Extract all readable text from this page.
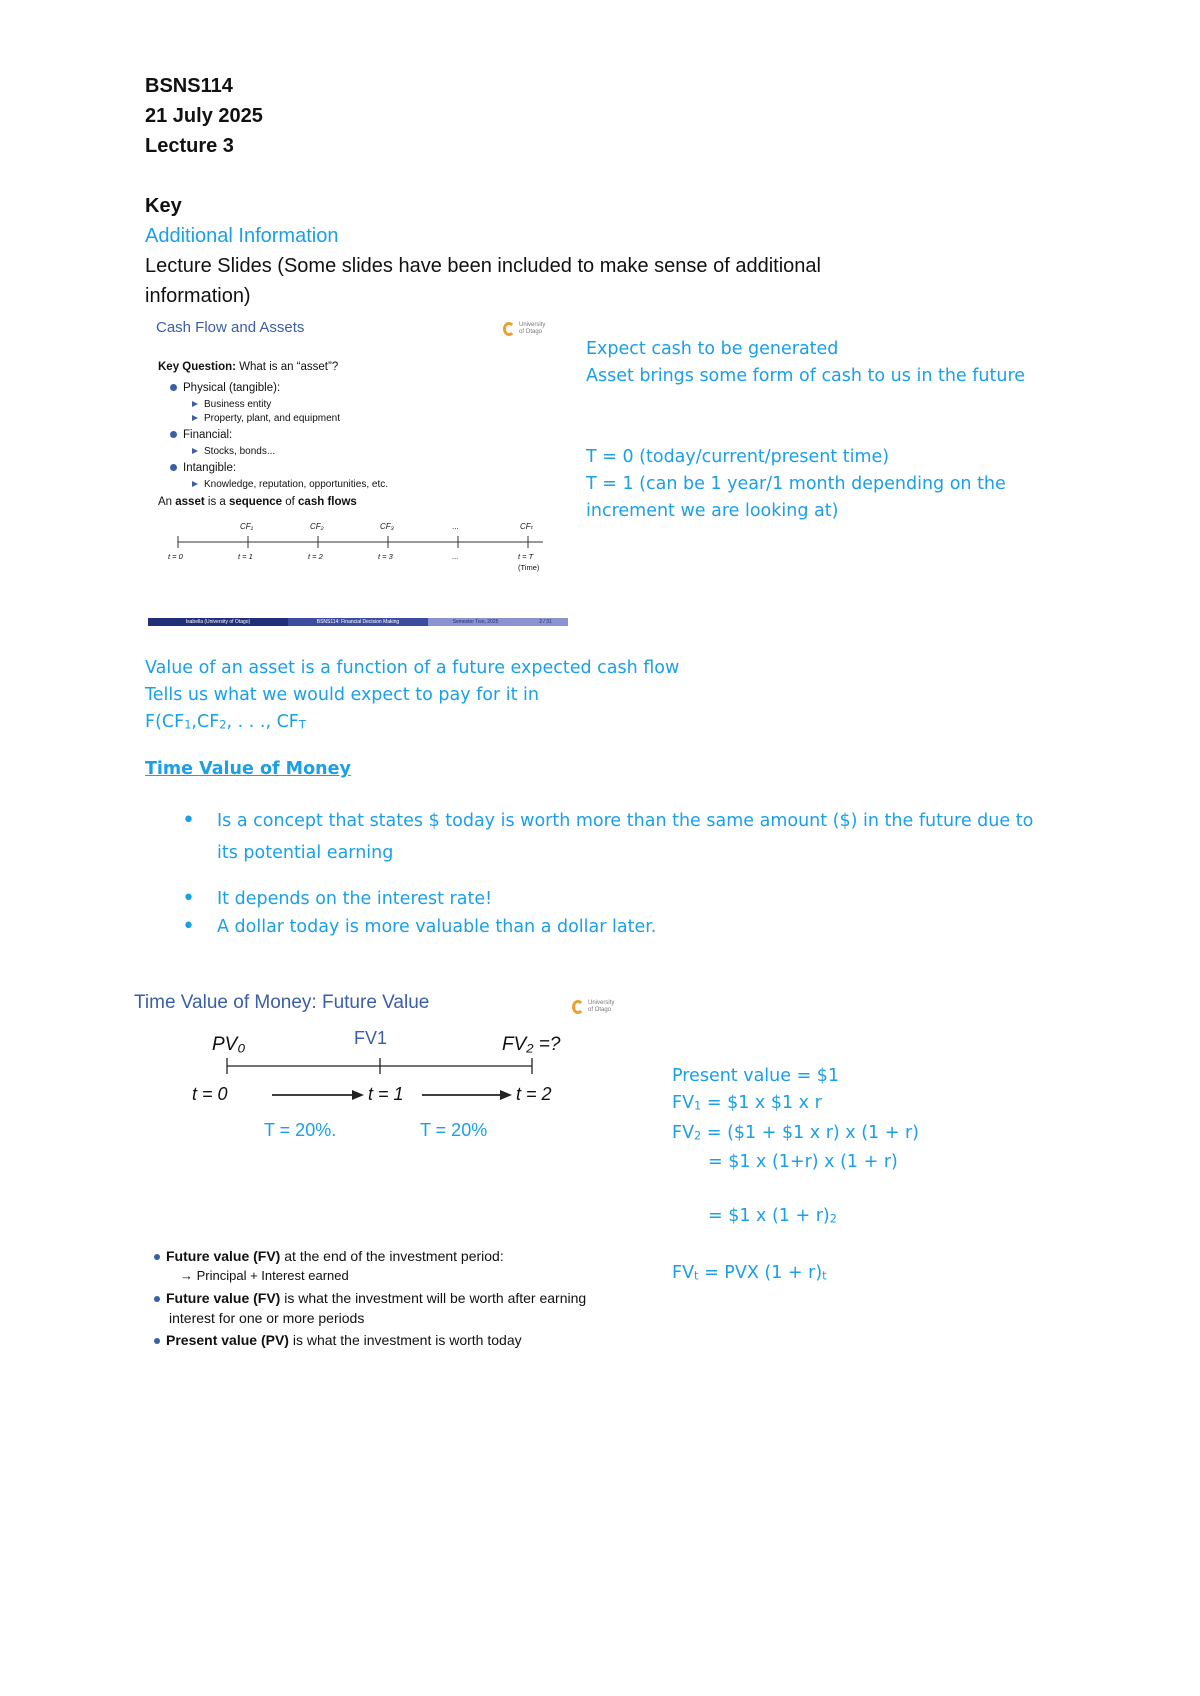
BSNS114
21 July 2025
Lecture 3
Key
Additional Information
Lecture Slides (Some slides have been included to make sense of additional
information)
Cash Flow and Assets	University
of Otago
Key Question: What is an “asset”?
Physical (tangible):
Business entity
Property, plant, and equipment
Financial:
Stocks, bonds...
Intangible:
Knowledge, reputation, opportunities, etc.
An asset is a sequence of cash flows
CF₁	CF₂	CF₃	...	CFₜ
t = 0	t = 1	t = 2	t = 3	...	t = T
(Time)
Isabella (University of Otago)	BSNS114: Financial Decision Making	Semester Two, 2025	2 / 31
Expect cash to be generated
Asset brings some form of cash to us in the future
T = 0 (today/current/present time)
T = 1 (can be 1 year/1 month depending on the
increment we are looking at)
Value of an asset is a function of a future expected cash flow
Tells us what we would expect to pay for it in
$F(CF_1,CF_2$, . . ., $CF_T$
Time Value of Money
• Is a concept that states $ today is worth more than the same amount ($) in the future due to
its potential earning
• It depends on the interest rate!
• A dollar today is more valuable than a dollar later.
Time Value of Money: Future Value	University
of Otago
PV₀	FV1	FV₂ =?
t = 0	t = 1	t = 2
T = 20%.	T = 20%
Future value (FV) at the end of the investment period:
→ Principal + Interest earned
Future value (FV) is what the investment will be worth after earning
interest for one or more periods
Present value (PV) is what the investment is worth today
Present value = $1
$FV_1$ = $1 x $1 x r
$FV_2$ = ($1 + $1 x r) x (1 + r)
= $1 x (1+r) x (1 + r)
= $1 x $(1 + r)_2$
$FV_t$ = PVX $(1 + r)_t$
